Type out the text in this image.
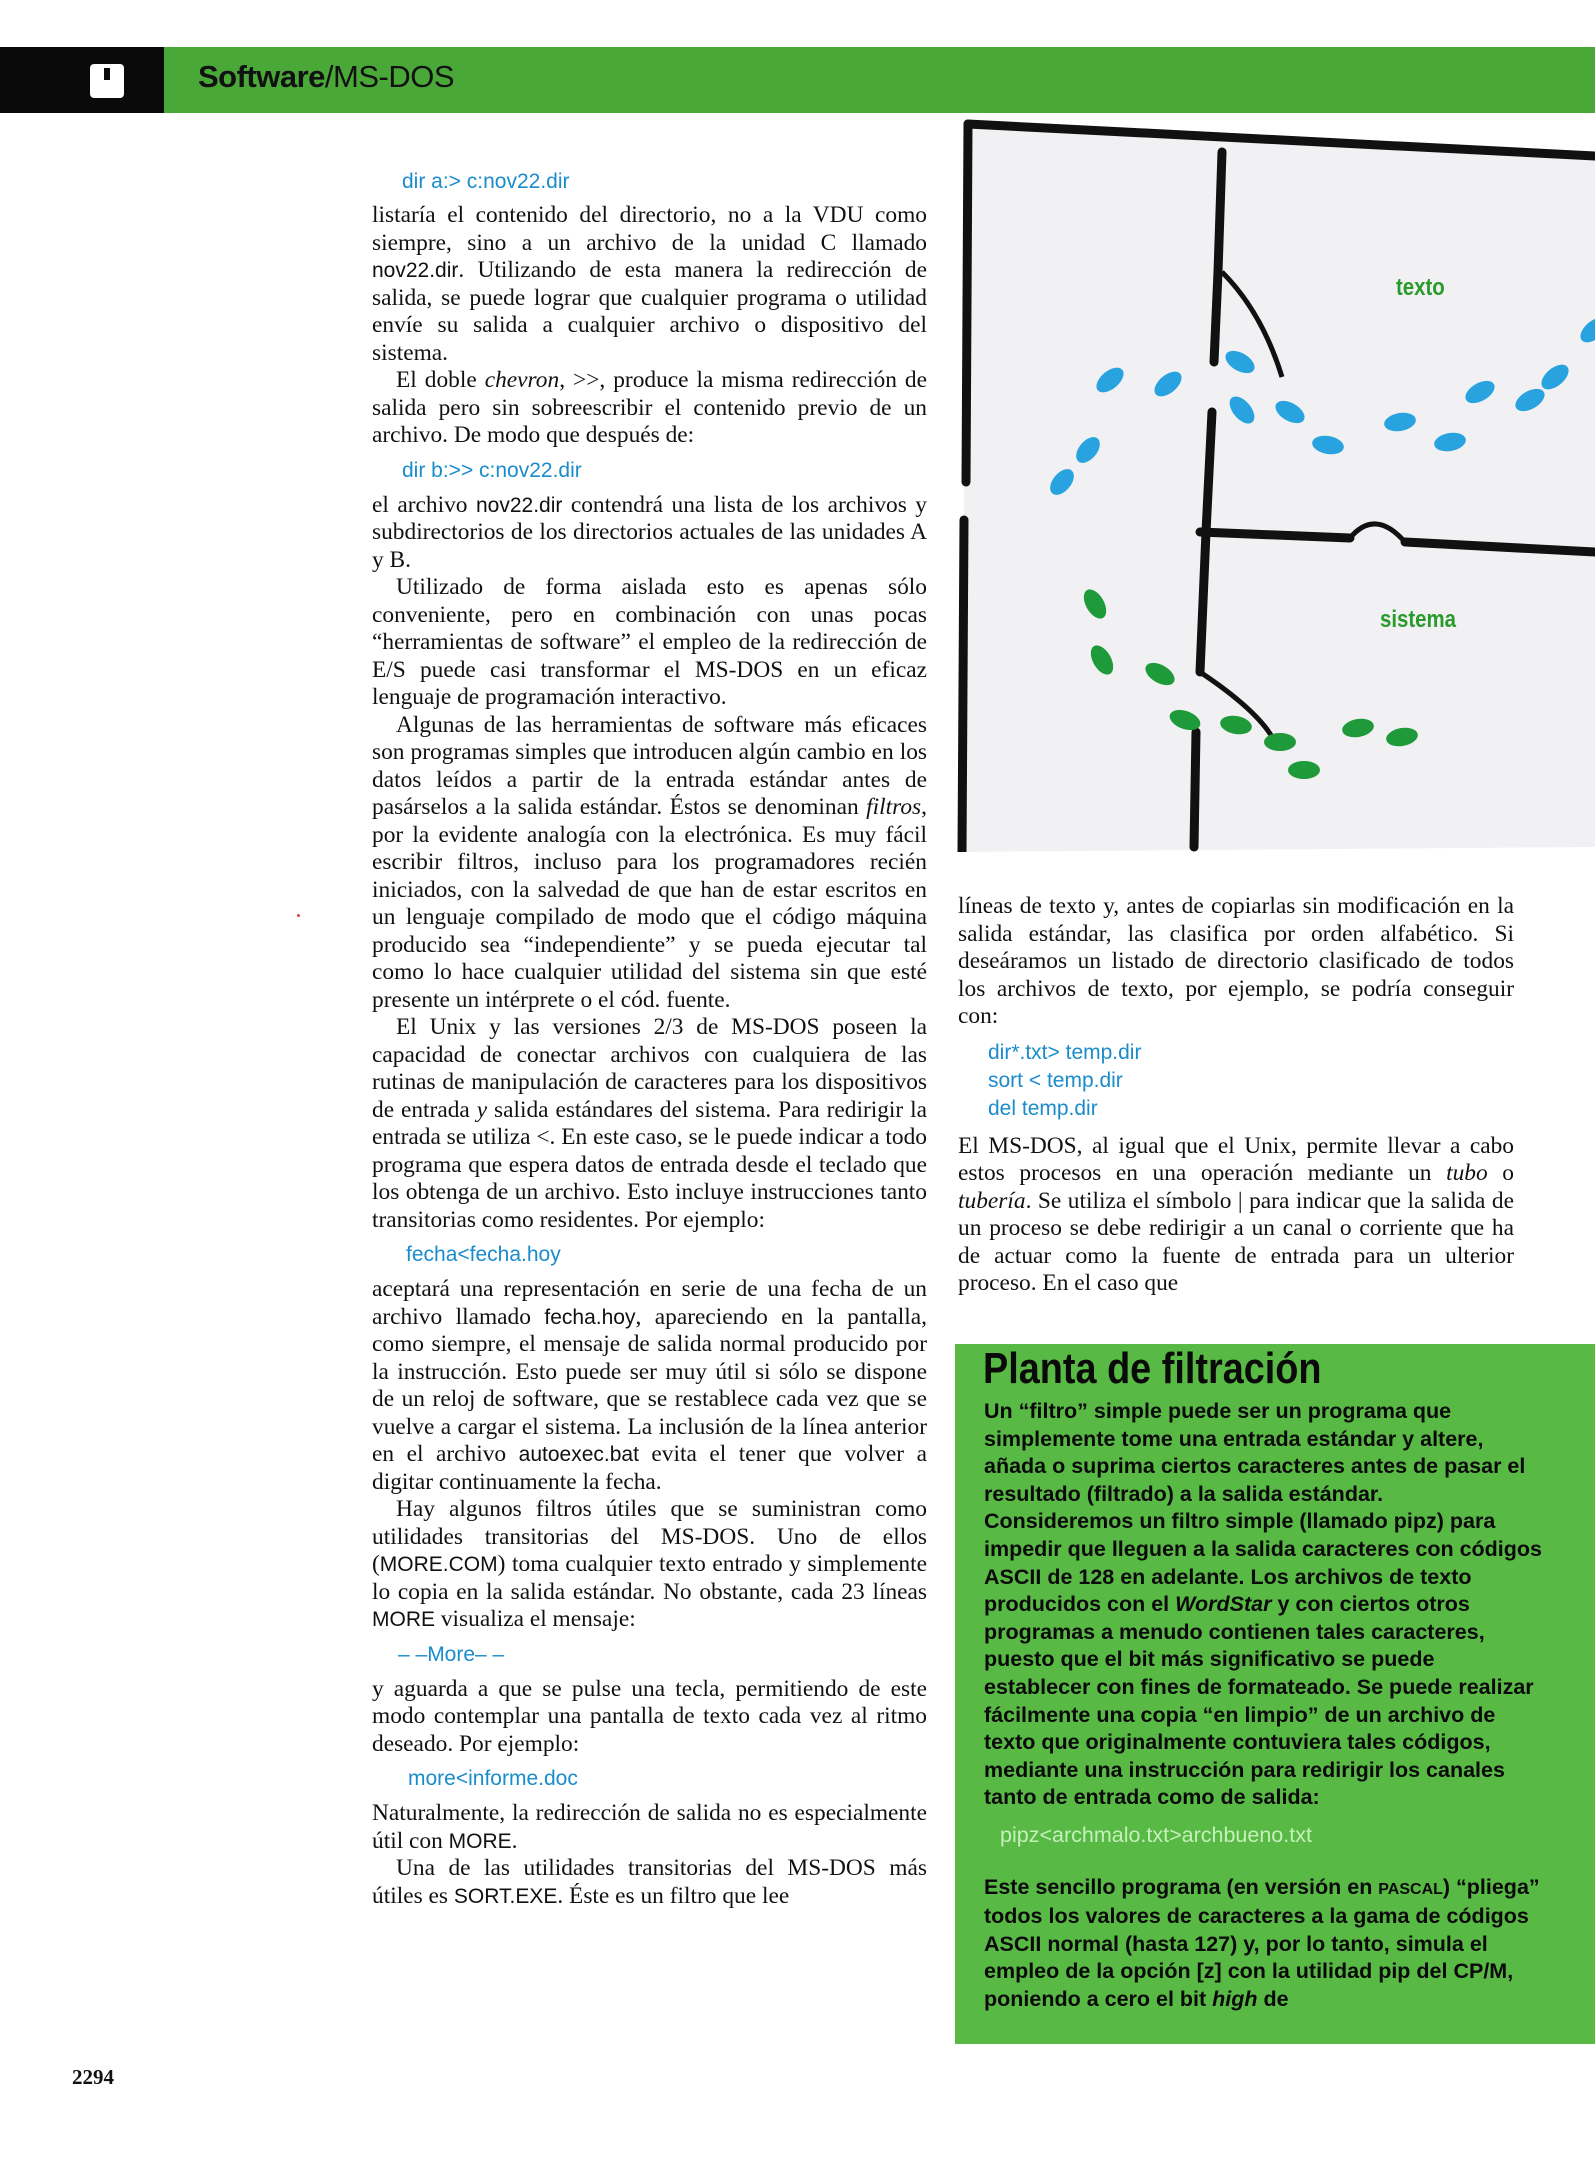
Software/MS-DOS
dir a:> c:nov22.dir

listaría el contenido del directorio, no a la VDU como siempre, sino a un archivo de la unidad C llamado nov22.dir. Utilizando de esta manera la redirección de salida, se puede lograr que cualquier programa o utilidad envíe su salida a cualquier archivo o dispositivo del sistema.

El doble chevron, >>, produce la misma redirección de salida pero sin sobreescribir el contenido previo de un archivo. De modo que después de:

dir b:>> c:nov22.dir

el archivo nov22.dir contendrá una lista de los archivos y subdirectorios de los directorios actuales de las unidades A y B.

Utilizado de forma aislada esto es apenas sólo conveniente, pero en combinación con unas pocas “herramientas de software” el empleo de la redirección de E/S puede casi transformar el MS-DOS en un eficaz lenguaje de programación interactivo.

Algunas de las herramientas de software más eficaces son programas simples que introducen algún cambio en los datos leídos a partir de la entrada estándar antes de pasárselos a la salida estándar. Éstos se denominan filtros, por la evidente analogía con la electrónica. Es muy fácil escribir filtros, incluso para los programadores recién iniciados, con la salvedad de que han de estar escritos en un lenguaje compilado de modo que el código máquina producido sea “independiente” y se pueda ejecutar tal como lo hace cualquier utilidad del sistema sin que esté presente un intérprete o el cód. fuente.

El Unix y las versiones 2/3 de MS-DOS poseen la capacidad de conectar archivos con cualquiera de las rutinas de manipulación de caracteres para los dispositivos de entrada y salida estándares del sistema. Para redirigir la entrada se utiliza <. En este caso, se le puede indicar a todo programa que espera datos de entrada desde el teclado que los obtenga de un archivo. Esto incluye instrucciones tanto transitorias como residentes. Por ejemplo:

fecha<fecha.hoy

aceptará una representación en serie de una fecha de un archivo llamado fecha.hoy, apareciendo en la pantalla, como siempre, el mensaje de salida normal producido por la instrucción. Esto puede ser muy útil si sólo se dispone de un reloj de software, que se restablece cada vez que se vuelve a cargar el sistema. La inclusión de la línea anterior en el archivo autoexec.bat evita el tener que volver a digitar continuamente la fecha.

Hay algunos filtros útiles que se suministran como utilidades transitorias del MS-DOS. Uno de ellos (MORE.COM) toma cualquier texto entrado y simplemente lo copia en la salida estándar. No obstante, cada 23 líneas MORE visualiza el mensaje:

– –More– –

y aguarda a que se pulse una tecla, permitiendo de este modo contemplar una pantalla de texto cada vez al ritmo deseado. Por ejemplo:

more<informe.doc

Naturalmente, la redirección de salida no es especialmente útil con MORE.

Una de las utilidades transitorias del MS-DOS más útiles es SORT.EXE. Éste es un filtro que lee

texto
sistema

líneas de texto y, antes de copiarlas sin modificación en la salida estándar, las clasifica por orden alfabético. Si deseáramos un listado de directorio clasificado de todos los archivos de texto, por ejemplo, se podría conseguir con:

dir*.txt> temp.dir
sort < temp.dir
del temp.dir

El MS-DOS, al igual que el Unix, permite llevar a cabo estos procesos en una operación mediante un tubo o tubería. Se utiliza el símbolo | para indicar que la salida de un proceso se debe redirigir a un canal o corriente que ha de actuar como la fuente de entrada para un ulterior proceso. En el caso que

Planta de filtración

Un “filtro” simple puede ser un programa que simplemente tome una entrada estándar y altere, añada o suprima ciertos caracteres antes de pasar el resultado (filtrado) a la salida estándar.

Consideremos un filtro simple (llamado pipz) para impedir que lleguen a la salida caracteres con códigos ASCII de 128 en adelante. Los archivos de texto producidos con el WordStar y con ciertos otros programas a menudo contienen tales caracteres, puesto que el bit más significativo se puede establecer con fines de formateado. Se puede realizar fácilmente una copia “en limpio” de un archivo de texto que originalmente contuviera tales códigos, mediante una instrucción para redirigir los canales tanto de entrada como de salida:

pipz<archmalo.txt>archbueno.txt

Este sencillo programa (en versión en PASCAL) “pliega” todos los valores de caracteres a la gama de códigos ASCII normal (hasta 127) y, por lo tanto, simula el empleo de la opción [z] con la utilidad pip del CP/M, poniendo a cero el bit high de

2294
